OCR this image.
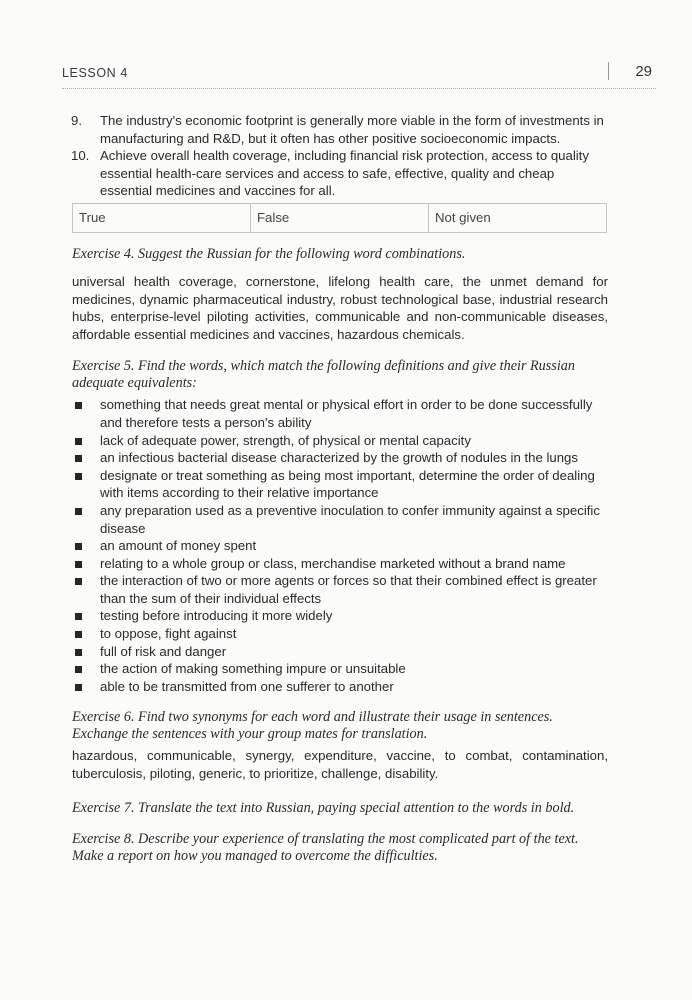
LESSON 4	29
9. The industry's economic footprint is generally more viable in the form of investments in manufacturing and R&D, but it often has other positive socioeconomic impacts.
10. Achieve overall health coverage, including financial risk protection, access to quality essential health-care services and access to safe, effective, quality and cheap essential medicines and vaccines for all.
True	False	Not given
Exercise 4. Suggest the Russian for the following word combinations.
universal health coverage, cornerstone, lifelong health care, the unmet demand for medicines, dynamic pharmaceutical industry, robust technological base, industrial research hubs, enterprise-level piloting activities, communicable and non-communicable diseases, affordable essential medicines and vaccines, hazardous chemicals.
Exercise 5. Find the words, which match the following definitions and give their Russian adequate equivalents:
something that needs great mental or physical effort in order to be done successfully and therefore tests a person's ability
lack of adequate power, strength, of physical or mental capacity
an infectious bacterial disease characterized by the growth of nodules in the lungs
designate or treat something as being most important, determine the order of dealing with items according to their relative importance
any preparation used as a preventive inoculation to confer immunity against a specific disease
an amount of money spent
relating to a whole group or class, merchandise marketed without a brand name
the interaction of two or more agents or forces so that their combined effect is greater than the sum of their individual effects
testing before introducing it more widely
to oppose, fight against
full of risk and danger
the action of making something impure or unsuitable
able to be transmitted from one sufferer to another
Exercise 6. Find two synonyms for each word and illustrate their usage in sentences. Exchange the sentences with your group mates for translation.
hazardous, communicable, synergy, expenditure, vaccine, to combat, contamination, tuberculosis, piloting, generic, to prioritize, challenge, disability.
Exercise 7. Translate the text into Russian, paying special attention to the words in bold.
Exercise 8. Describe your experience of translating the most complicated part of the text. Make a report on how you managed to overcome the difficulties.
